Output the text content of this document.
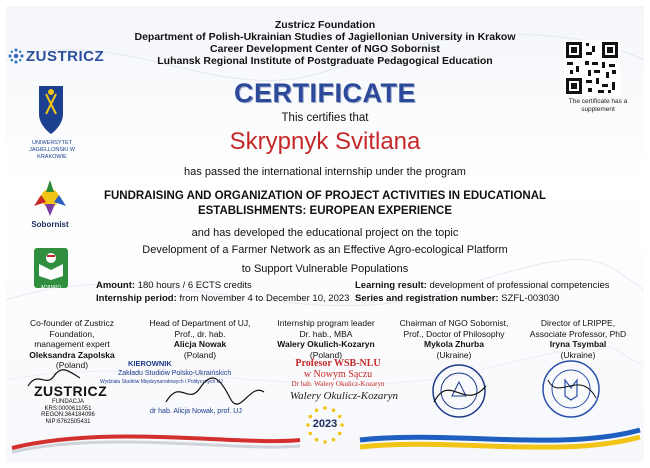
Zustricz Foundation
Department of Polish-Ukrainian Studies of Jagiellonian University in Krakow
Career Development Center of NGO Sobornist
Luhansk Regional Institute of Postgraduate Pedagogical Education
ZUSTRICZ
UNIWERSYTET JAGIELLOŃSKI W KRAKOWIE
Sobornist
ADIINPO
The certificate has a supplement
CERTIFICATE
This certifies that
Skrypnyk Svitlana
has passed the international internship under the program
FUNDRAISING AND ORGANIZATION OF PROJECT ACTIVITIES IN EDUCATIONAL
ESTABLISHMENTS: EUROPEAN EXPERIENCE
and has developed the educational project on the topic
Development of a Farmer Network as an Effective Agro-ecological Platform
to Support Vulnerable Populations
Amount: 180 hours / 6 ECTS credits
Internship period: from November 4 to December 10, 2023
Learning result: development of professional competencies
Series and registration number: SZFL-003030
Co-founder of Zustricz Foundation,
management expert
Oleksandra Zapolska
(Poland)
Head of Department of UJ,
Prof., dr. hab.
Alicja Nowak
(Poland)
Internship program leader
Dr. hab., MBA
Walery Okulich-Kozaryn
(Poland)
Chairman of NGO Sobornist,
Prof., Doctor of Philosophy
Mykola Zhurba
(Ukraine)
Director of LRIPPE,
Associate Professor, PhD
Iryna Tsymbal
(Ukraine)
ZUSTRICZ
FUNDACJA
KRS:0000611051
REGON:364184096
NIP:6762505431
KIEROWNIK
Zakładu Studiów Polsko-Ukraińskich
Wydziału Studiów Międzynarodowych i Politycznych UJ
dr hab. Alicja Nowak, prof. UJ
Profesor WSB-NLU
w Nowym Sączu
Dr hab. Walery Okulicz-Kozaryn
Walery Okulicz-Kozaryn
2023
